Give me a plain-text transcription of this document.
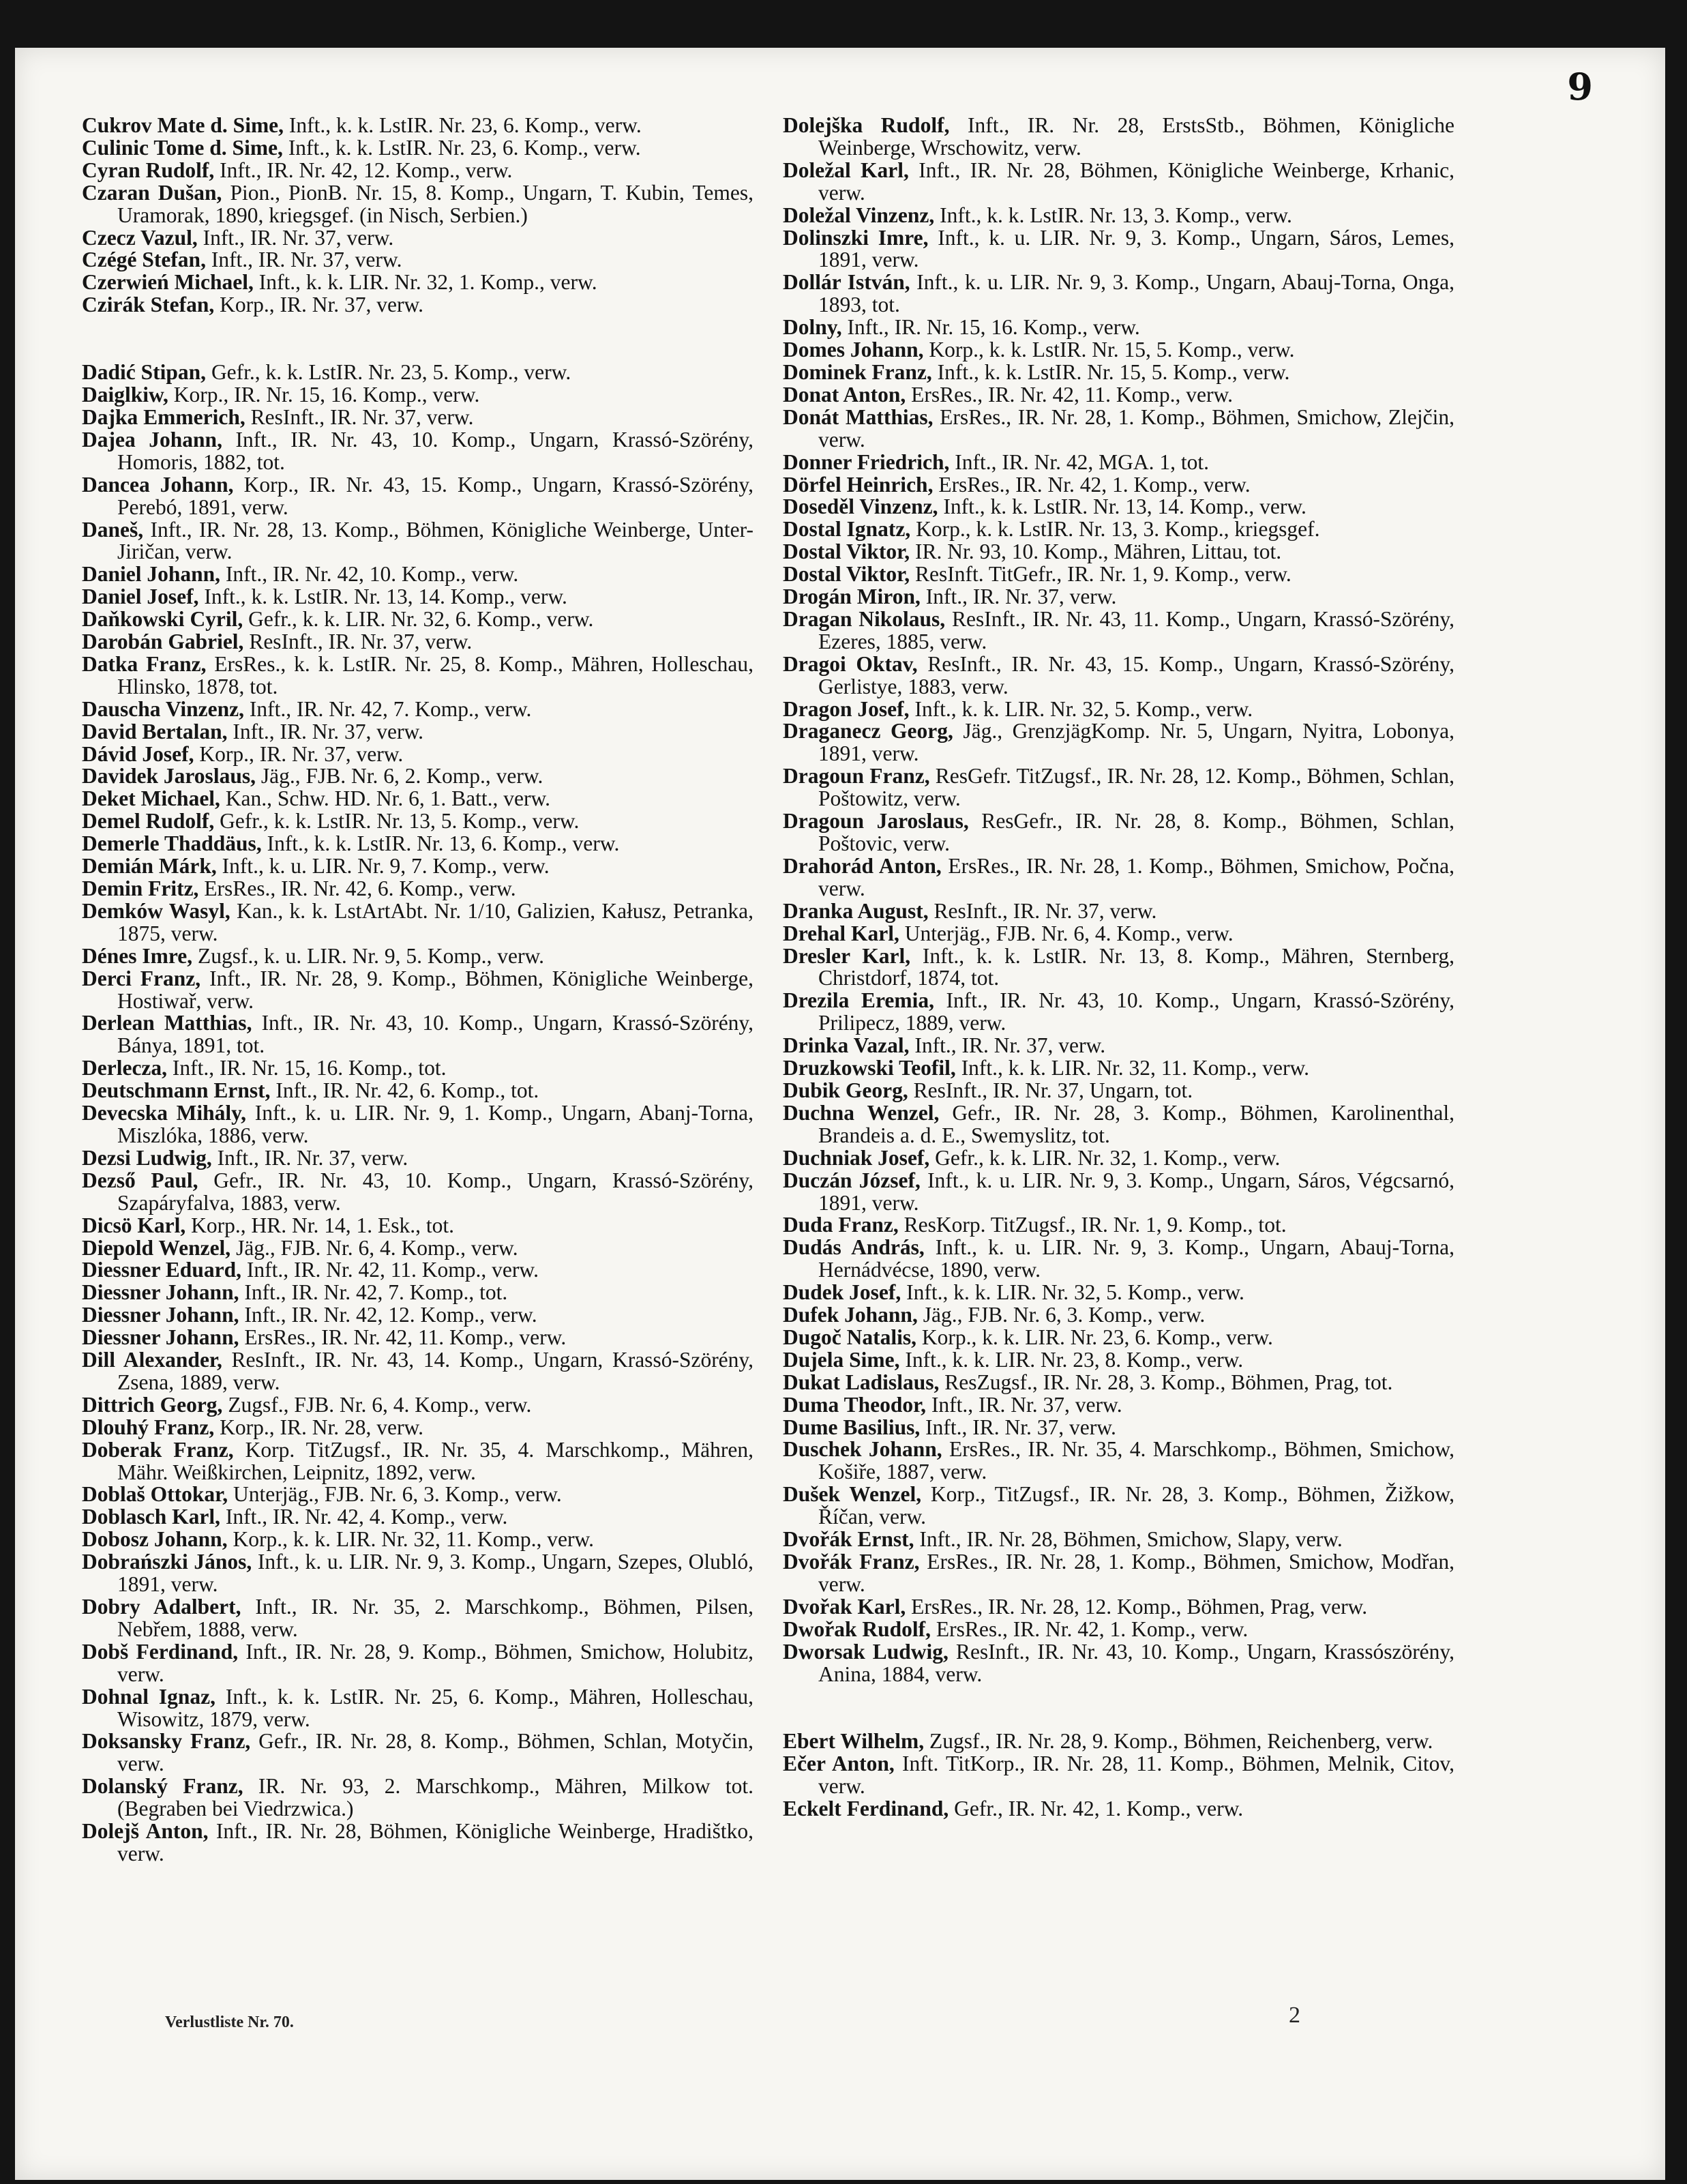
9

Cukrov Mate d. Sime, Inft., k. k. LstIR. Nr. 23, 6. Komp., verw.

Culinic Tome d. Sime, Inft., k. k. LstIR. Nr. 23, 6. Komp., verw.

Cyran Rudolf, Inft., IR. Nr. 42, 12. Komp., verw.

Czaran Dušan, Pion., PionB. Nr. 15, 8. Komp., Ungarn, T. Kubin, Temes, Uramorak, 1890, kriegsgef. (in Nisch, Serbien.)

Czecz Vazul, Inft., IR. Nr. 37, verw.

Czégé Stefan, Inft., IR. Nr. 37, verw.

Czerwień Michael, Inft., k. k. LIR. Nr. 32, 1. Komp., verw.

Czirák Stefan, Korp., IR. Nr. 37, verw.

Dadić Stipan, Gefr., k. k. LstIR. Nr. 23, 5. Komp., verw.

Daiglkiw, Korp., IR. Nr. 15, 16. Komp., verw.

Dajka Emmerich, ResInft., IR. Nr. 37, verw.

Dajea Johann, Inft., IR. Nr. 43, 10. Komp., Ungarn, Krassó-Szörény, Homoris, 1882, tot.

Dancea Johann, Korp., IR. Nr. 43, 15. Komp., Ungarn, Krassó-Szörény, Perebó, 1891, verw.

Daneš, Inft., IR. Nr. 28, 13. Komp., Böhmen, Königliche Weinberge, Unter-Jiričan, verw.

Daniel Johann, Inft., IR. Nr. 42, 10. Komp., verw.

Daniel Josef, Inft., k. k. LstIR. Nr. 13, 14. Komp., verw.

Daňkowski Cyril, Gefr., k. k. LIR. Nr. 32, 6. Komp., verw.

Darobán Gabriel, ResInft., IR. Nr. 37, verw.

Datka Franz, ErsRes., k. k. LstIR. Nr. 25, 8. Komp., Mähren, Holleschau, Hlinsko, 1878, tot.

Dauscha Vinzenz, Inft., IR. Nr. 42, 7. Komp., verw.

David Bertalan, Inft., IR. Nr. 37, verw.

Dávid Josef, Korp., IR. Nr. 37, verw.

Davidek Jaroslaus, Jäg., FJB. Nr. 6, 2. Komp., verw.

Deket Michael, Kan., Schw. HD. Nr. 6, 1. Batt., verw.

Demel Rudolf, Gefr., k. k. LstIR. Nr. 13, 5. Komp., verw.

Demerle Thaddäus, Inft., k. k. LstIR. Nr. 13, 6. Komp., verw.

Demián Márk, Inft., k. u. LIR. Nr. 9, 7. Komp., verw.

Demin Fritz, ErsRes., IR. Nr. 42, 6. Komp., verw.

Demków Wasyl, Kan., k. k. LstArtAbt. Nr. 1/10, Galizien, Kałusz, Petranka, 1875, verw.

Dénes Imre, Zugsf., k. u. LIR. Nr. 9, 5. Komp., verw.

Derci Franz, Inft., IR. Nr. 28, 9. Komp., Böhmen, Königliche Weinberge, Hostiwař, verw.

Derlean Matthias, Inft., IR. Nr. 43, 10. Komp., Ungarn, Krassó-Szörény, Bánya, 1891, tot.

Derlecza, Inft., IR. Nr. 15, 16. Komp., tot.

Deutschmann Ernst, Inft., IR. Nr. 42, 6. Komp., tot.

Devecska Mihály, Inft., k. u. LIR. Nr. 9, 1. Komp., Ungarn, Abanj-Torna, Miszlóka, 1886, verw.

Dezsi Ludwig, Inft., IR. Nr. 37, verw.

Dezső Paul, Gefr., IR. Nr. 43, 10. Komp., Ungarn, Krassó-Szörény, Szapáryfalva, 1883, verw.

Dicsö Karl, Korp., HR. Nr. 14, 1. Esk., tot.

Diepold Wenzel, Jäg., FJB. Nr. 6, 4. Komp., verw.

Diessner Eduard, Inft., IR. Nr. 42, 11. Komp., verw.

Diessner Johann, Inft., IR. Nr. 42, 7. Komp., tot.

Diessner Johann, Inft., IR. Nr. 42, 12. Komp., verw.

Diessner Johann, ErsRes., IR. Nr. 42, 11. Komp., verw.

Dill Alexander, ResInft., IR. Nr. 43, 14. Komp., Ungarn, Krassó-Szörény, Zsena, 1889, verw.

Dittrich Georg, Zugsf., FJB. Nr. 6, 4. Komp., verw.

Dlouhý Franz, Korp., IR. Nr. 28, verw.

Doberak Franz, Korp. TitZugsf., IR. Nr. 35, 4. Marschkomp., Mähren, Mähr. Weißkirchen, Leipnitz, 1892, verw.

Doblaš Ottokar, Unterjäg., FJB. Nr. 6, 3. Komp., verw.

Doblasch Karl, Inft., IR. Nr. 42, 4. Komp., verw.

Dobosz Johann, Korp., k. k. LIR. Nr. 32, 11. Komp., verw.

Dobrańszki János, Inft., k. u. LIR. Nr. 9, 3. Komp., Ungarn, Szepes, Olubló, 1891, verw.

Dobry Adalbert, Inft., IR. Nr. 35, 2. Marschkomp., Böhmen, Pilsen, Nebřem, 1888, verw.

Dobš Ferdinand, Inft., IR. Nr. 28, 9. Komp., Böhmen, Smichow, Holubitz, verw.

Dohnal Ignaz, Inft., k. k. LstIR. Nr. 25, 6. Komp., Mähren, Holleschau, Wisowitz, 1879, verw.

Doksansky Franz, Gefr., IR. Nr. 28, 8. Komp., Böhmen, Schlan, Motyčin, verw.

Dolanský Franz, IR. Nr. 93, 2. Marschkomp., Mähren, Milkow tot. (Begraben bei Viedrzwica.)

Dolejš Anton, Inft., IR. Nr. 28, Böhmen, Königliche Weinberge, Hradištko, verw.

Dolejška Rudolf, Inft., IR. Nr. 28, ErstsStb., Böhmen, Königliche Weinberge, Wrschowitz, verw.

Doležal Karl, Inft., IR. Nr. 28, Böhmen, Königliche Weinberge, Krhanic, verw.

Doležal Vinzenz, Inft., k. k. LstIR. Nr. 13, 3. Komp., verw.

Dolinszki Imre, Inft., k. u. LIR. Nr. 9, 3. Komp., Ungarn, Sáros, Lemes, 1891, verw.

Dollár István, Inft., k. u. LIR. Nr. 9, 3. Komp., Ungarn, Abauj-Torna, Onga, 1893, tot.

Dolny, Inft., IR. Nr. 15, 16. Komp., verw.

Domes Johann, Korp., k. k. LstIR. Nr. 15, 5. Komp., verw.

Dominek Franz, Inft., k. k. LstIR. Nr. 15, 5. Komp., verw.

Donat Anton, ErsRes., IR. Nr. 42, 11. Komp., verw.

Donát Matthias, ErsRes., IR. Nr. 28, 1. Komp., Böhmen, Smichow, Zlejčin, verw.

Donner Friedrich, Inft., IR. Nr. 42, MGA. 1, tot.

Dörfel Heinrich, ErsRes., IR. Nr. 42, 1. Komp., verw.

Doseděl Vinzenz, Inft., k. k. LstIR. Nr. 13, 14. Komp., verw.

Dostal Ignatz, Korp., k. k. LstIR. Nr. 13, 3. Komp., kriegsgef.

Dostal Viktor, IR. Nr. 93, 10. Komp., Mähren, Littau, tot.

Dostal Viktor, ResInft. TitGefr., IR. Nr. 1, 9. Komp., verw.

Drogán Miron, Inft., IR. Nr. 37, verw.

Dragan Nikolaus, ResInft., IR. Nr. 43, 11. Komp., Ungarn, Krassó-Szörény, Ezeres, 1885, verw.

Dragoi Oktav, ResInft., IR. Nr. 43, 15. Komp., Ungarn, Krassó-Szörény, Gerlistye, 1883, verw.

Dragon Josef, Inft., k. k. LIR. Nr. 32, 5. Komp., verw.

Draganecz Georg, Jäg., GrenzjägKomp. Nr. 5, Ungarn, Nyitra, Lobonya, 1891, verw.

Dragoun Franz, ResGefr. TitZugsf., IR. Nr. 28, 12. Komp., Böhmen, Schlan, Poštowitz, verw.

Dragoun Jaroslaus, ResGefr., IR. Nr. 28, 8. Komp., Böhmen, Schlan, Poštovic, verw.

Drahorád Anton, ErsRes., IR. Nr. 28, 1. Komp., Böhmen, Smichow, Počna, verw.

Dranka August, ResInft., IR. Nr. 37, verw.

Drehal Karl, Unterjäg., FJB. Nr. 6, 4. Komp., verw.

Dresler Karl, Inft., k. k. LstIR. Nr. 13, 8. Komp., Mähren, Sternberg, Christdorf, 1874, tot.

Drezila Eremia, Inft., IR. Nr. 43, 10. Komp., Ungarn, Krassó-Szörény, Prilipecz, 1889, verw.

Drinka Vazal, Inft., IR. Nr. 37, verw.

Druzkowski Teofil, Inft., k. k. LIR. Nr. 32, 11. Komp., verw.

Dubik Georg, ResInft., IR. Nr. 37, Ungarn, tot.

Duchna Wenzel, Gefr., IR. Nr. 28, 3. Komp., Böhmen, Karolinenthal, Brandeis a. d. E., Swemyslitz, tot.

Duchniak Josef, Gefr., k. k. LIR. Nr. 32, 1. Komp., verw.

Duczán József, Inft., k. u. LIR. Nr. 9, 3. Komp., Ungarn, Sáros, Végcsarnó, 1891, verw.

Duda Franz, ResKorp. TitZugsf., IR. Nr. 1, 9. Komp., tot.

Dudás András, Inft., k. u. LIR. Nr. 9, 3. Komp., Ungarn, Abauj-Torna, Hernádvécse, 1890, verw.

Dudek Josef, Inft., k. k. LIR. Nr. 32, 5. Komp., verw.

Dufek Johann, Jäg., FJB. Nr. 6, 3. Komp., verw.

Dugoč Natalis, Korp., k. k. LIR. Nr. 23, 6. Komp., verw.

Dujela Sime, Inft., k. k. LIR. Nr. 23, 8. Komp., verw.

Dukat Ladislaus, ResZugsf., IR. Nr. 28, 3. Komp., Böhmen, Prag, tot.

Duma Theodor, Inft., IR. Nr. 37, verw.

Dume Basilius, Inft., IR. Nr. 37, verw.

Duschek Johann, ErsRes., IR. Nr. 35, 4. Marschkomp., Böhmen, Smichow, Košiře, 1887, verw.

Dušek Wenzel, Korp., TitZugsf., IR. Nr. 28, 3. Komp., Böhmen, Žižkow, Říčan, verw.

Dvořák Ernst, Inft., IR. Nr. 28, Böhmen, Smichow, Slapy, verw.

Dvořák Franz, ErsRes., IR. Nr. 28, 1. Komp., Böhmen, Smichow, Modřan, verw.

Dvořak Karl, ErsRes., IR. Nr. 28, 12. Komp., Böhmen, Prag, verw.

Dwořak Rudolf, ErsRes., IR. Nr. 42, 1. Komp., verw.

Dworsak Ludwig, ResInft., IR. Nr. 43, 10. Komp., Ungarn, Krassószörény, Anina, 1884, verw.

Ebert Wilhelm, Zugsf., IR. Nr. 28, 9. Komp., Böhmen, Reichenberg, verw.

Ečer Anton, Inft. TitKorp., IR. Nr. 28, 11. Komp., Böhmen, Melnik, Citov, verw.

Eckelt Ferdinand, Gefr., IR. Nr. 42, 1. Komp., verw.

Verlustliste Nr. 70.	2
